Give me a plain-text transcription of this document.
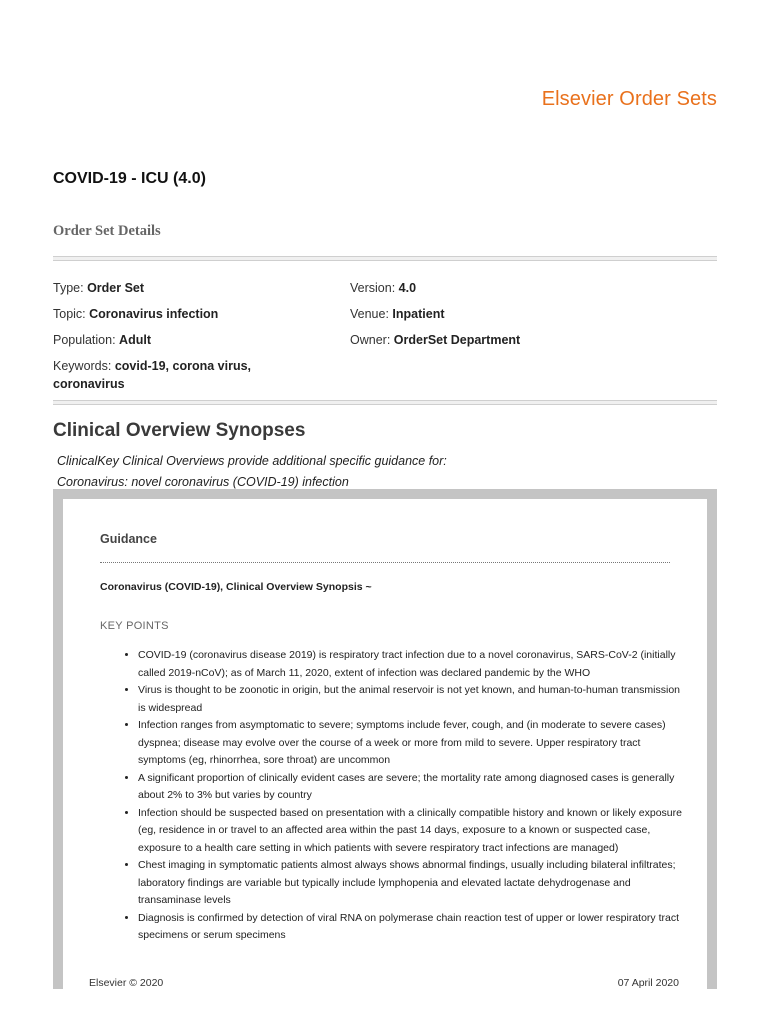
Elsevier Order Sets
COVID-19 - ICU (4.0)
Order Set Details
Type: Order Set	Version: 4.0
Topic: Coronavirus infection	Venue: Inpatient
Population: Adult	Owner: OrderSet Department
Keywords: covid-19, corona virus, coronavirus
Clinical Overview Synopses
ClinicalKey Clinical Overviews provide additional specific guidance for:
Coronavirus: novel coronavirus (COVID-19) infection
Guidance
Coronavirus (COVID-19), Clinical Overview Synopsis ~
KEY POINTS
• COVID-19 (coronavirus disease 2019) is respiratory tract infection due to a novel coronavirus, SARS-CoV-2 (initially called 2019-nCoV); as of March 11, 2020, extent of infection was declared pandemic by the WHO
• Virus is thought to be zoonotic in origin, but the animal reservoir is not yet known, and human-to-human transmission is widespread
• Infection ranges from asymptomatic to severe; symptoms include fever, cough, and (in moderate to severe cases) dyspnea; disease may evolve over the course of a week or more from mild to severe. Upper respiratory tract symptoms (eg, rhinorrhea, sore throat) are uncommon
• A significant proportion of clinically evident cases are severe; the mortality rate among diagnosed cases is generally about 2% to 3% but varies by country
• Infection should be suspected based on presentation with a clinically compatible history and known or likely exposure (eg, residence in or travel to an affected area within the past 14 days, exposure to a known or suspected case, exposure to a health care setting in which patients with severe respiratory tract infections are managed)
• Chest imaging in symptomatic patients almost always shows abnormal findings, usually including bilateral infiltrates; laboratory findings are variable but typically include lymphopenia and elevated lactate dehydrogenase and transaminase levels
• Diagnosis is confirmed by detection of viral RNA on polymerase chain reaction test of upper or lower respiratory tract specimens or serum specimens
Elsevier © 2020	07 April 2020
